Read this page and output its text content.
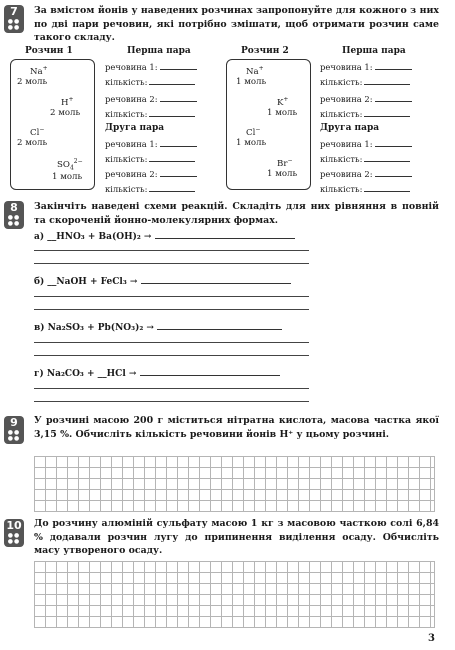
7
●●
●●
За вмістом йонів у наведених розчинах запропонуйте для кожного з них по дві пари речовин, які потрібно змішати, щоб отримати розчин саме такого складу.
Розчин 1	Перша пара	Розчин 2	Перша пара
Na+
2 моль
H+
2 моль
Cl−
2 моль
$SO_4^{2-}$
1 моль
речовина 1:
кількість:
речовина 2:
кількість:
Друга пара
речовина 1:
кількість:
речовина 2:
кількість:
Na+
1 моль
K+
1 моль
Cl−
1 моль
Br−
1 моль
речовина 1:
кількість:
речовина 2:
кількість:
Друга пара
речовина 1:
кількість:
речовина 2:
кількість:
8
●●
●●
Закінчіть наведені схеми реакцій. Складіть для них рівняння в повній та скороченій йонно-молекулярних формах.
а) __HNO₃ + Ba(OH)₂ →
б) __NaOH + FeCl₃ →
в) Na₂SO₃ + Pb(NO₃)₂ →
г) Na₂CO₃ + __HCl →
9
●●
●●
У розчині масою 200 г міститься нітратна кислота, масова частка якої 3,15 %. Обчисліть кількість речовини йонів H⁺ у цьому розчині.
10
●●
●●
До розчину алюміній сульфату масою 1 кг з масовою часткою солі 6,84 % додавали розчин лугу до припинення виділення осаду. Обчисліть масу утвореного осаду.
3
